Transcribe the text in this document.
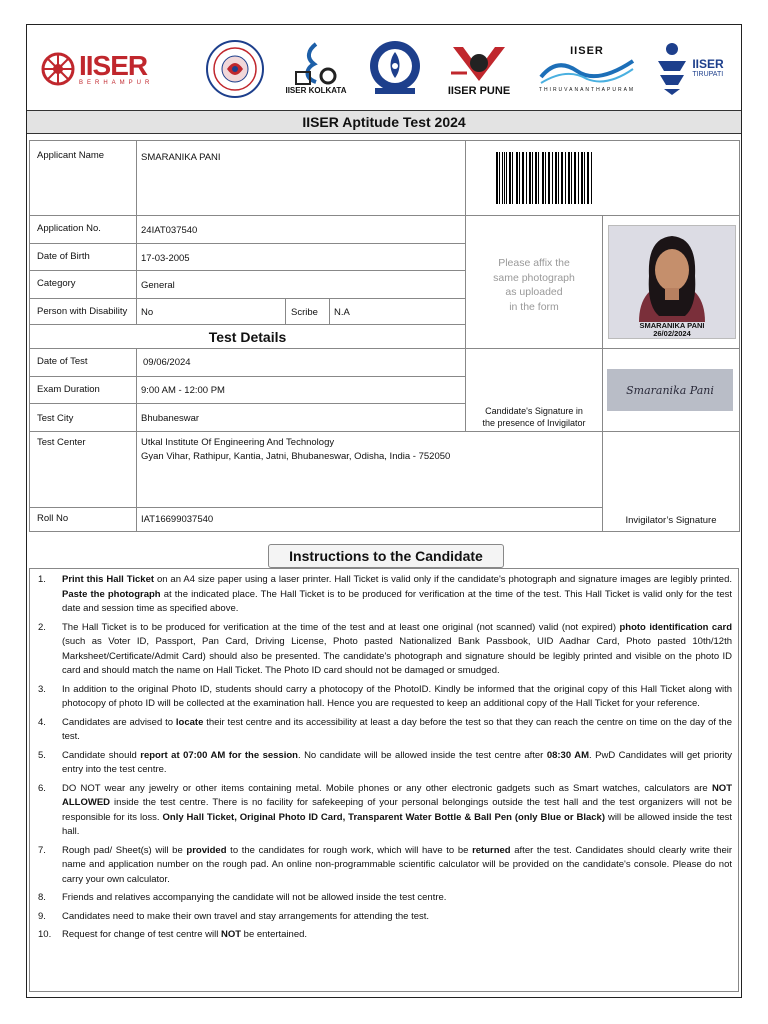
IISER
BERHAMPUR
IISER KOLKATA	IISER PUNE
IISER
THIRUVANANTHAPURAM
IISER
TIRUPATI
IISER Aptitude Test 2024
Applicant Name	SMARANIKA PANI
Application No.	24IAT037540
Date of Birth	17-03-2005
Category	General
Person with Disability No	Scribe N.A
Please affix the
same photograph
as uploaded
in the form
SMARANIKA PANI
26/02/2024
Test Details
Date of Test	09/06/2024
Exam Duration	9:00 AM - 12:00 PM
Test City	Bhubaneswar
Candidate's Signature in
the presence of Invigilator
Smaranika Pani
Test Center	Utkal Institute Of Engineering And Technology
Gyan Vihar, Rathipur, Kantia, Jatni, Bhubaneswar, Odisha, India - 752050
Roll No	IAT16699037540	Invigilator’s Signature
Instructions to the Candidate
1. Print this Hall Ticket on an A4 size paper using a laser printer. Hall Ticket is valid only if the candidate's photograph and signature images are legibly printed. Paste the photograph at the indicated place. The Hall Ticket is to be produced for verification at the time of the test. This Hall Ticket is valid only for the test date and session time as specified above.
2. The Hall Ticket is to be produced for verification at the time of the test and at least one original (not scanned) valid (not expired) photo identification card (such as Voter ID, Passport, Pan Card, Driving License, Photo pasted Nationalized Bank Passbook, UID Aadhar Card, Photo pasted 10th/12th Marksheet/Certificate/Admit Card) should also be presented. The candidate's photograph and signature should be legibly printed and visible on the photo ID card and should match the name on Hall Ticket. The Photo ID card should not be damaged or smudged.
3. In addition to the original Photo ID, students should carry a photocopy of the PhotoID. Kindly be informed that the original copy of this Hall Ticket along with photocopy of photo ID will be collected at the examination hall. Hence you are requested to keep an additional copy of the Hall Ticket for your reference.
4. Candidates are advised to locate their test centre and its accessibility at least a day before the test so that they can reach the centre on time on the day of the test.
5. Candidate should report at 07:00 AM for the session. No candidate will be allowed inside the test centre after 08:30 AM. PwD Candidates will get priority entry into the test centre.
6. DO NOT wear any jewelry or other items containing metal. Mobile phones or any other electronic gadgets such as Smart watches, calculators are NOT ALLOWED inside the test centre. There is no facility for safekeeping of your personal belongings outside the test hall and the test organizers will not be responsible for its loss. Only Hall Ticket, Original Photo ID Card, Transparent Water Bottle & Ball Pen (only Blue or Black) will be allowed inside the test hall.
7. Rough pad/ Sheet(s) will be provided to the candidates for rough work, which will have to be returned after the test. Candidates should clearly write their name and application number on the rough pad. An online non-programmable scientific calculator will be provided on the candidate's console. Please do not carry your own calculator.
8. Friends and relatives accompanying the candidate will not be allowed inside the test centre.
9. Candidates need to make their own travel and stay arrangements for attending the test.
10. Request for change of test centre will NOT be entertained.
